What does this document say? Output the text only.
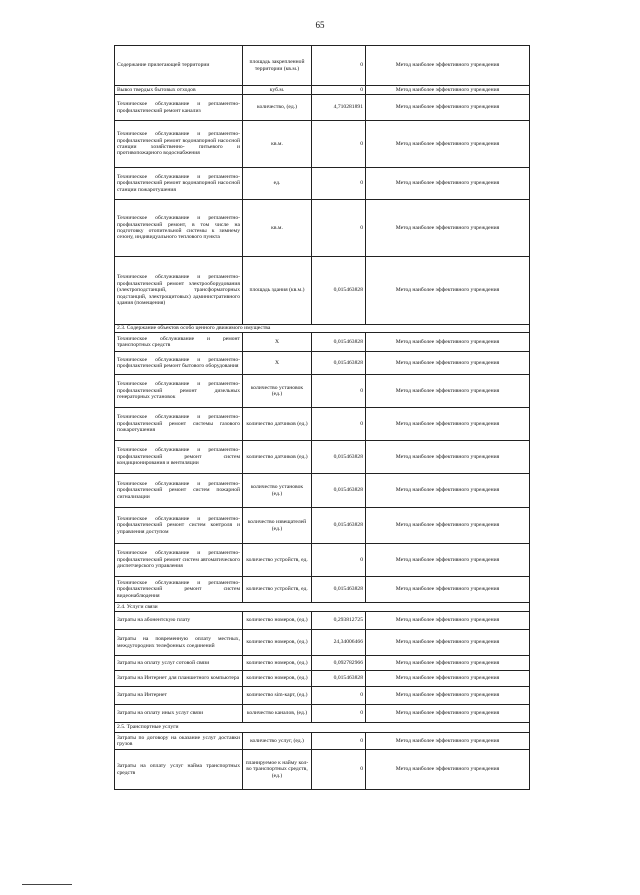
65
Содержание прилегающей территории	площадь закрепленной территории (кв.м.)	0	Метод наиболее эффективного учреждения
Вывоз твердых бытовых отходов	куб.м.	0	Метод наиболее эффективного учреждения
Техническое обслуживание и регламентно- профилактический ремонт канализ	количество, (ед.)	4,710281891	Метод наиболее эффективного учреждения
Техническое обслуживание и регламентно- профилактический ремонт водонапорной насосной станции хозяйственно- питьевого и противопожарного водоснабжения	кв.м.	0	Метод наиболее эффективного учреждения
Техническое обслуживание и регламентно- профилактический ремонт водонапорной насосной станции пожаротушения	ед.	0	Метод наиболее эффективного учреждения
Техническое обслуживание и регламентно- профилактический ремонт, в том числе на подготовку отопительной системы к зимнему сезону, индивидуального теплового пункта	кв.м.	0	Метод наиболее эффективного учреждения
Техническое обслуживание и регламентно- профилактический ремонт электрооборудования (электроподстанций, трансформаторных подстанций, электрощитовых) административного здания (помещения)	площадь здания (кв.м.)	0,015463828	Метод наиболее эффективного учреждения
2.3. Содержание объектов особо ценного движимого имущества			
Техническое обслуживание и ремонт транспортных средств	Х	0,015463828	Метод наиболее эффективного учреждения
Техническое обслуживание и регламентно- профилактический ремонт бытового оборудования	Х	0,015463828	Метод наиболее эффективного учреждения
Техническое обслуживание и регламентно- профилактический ремонт дизельных генераторных установок	количество установок (ед.)	0	Метод наиболее эффективного учреждения
Техническое обслуживание и регламентно- профилактический ремонт системы газового пожаротушения	количество датчиков (ед.)	0	Метод наиболее эффективного учреждения
Техническое обслуживание и регламентно- профилактический ремонт систем кондиционирования и вентиляции	количество датчиков (ед.)	0,015463828	Метод наиболее эффективного учреждения
Техническое обслуживание и регламентно- профилактический ремонт систем пожарной сигнализации	количество установок (ед.)	0,015463828	Метод наиболее эффективного учреждения
Техническое обслуживание и регламентно- профилактический ремонт систем контроля и управления доступом	количество извещателей (ед.)	0,015463828	Метод наиболее эффективного учреждения
Техническое обслуживание и регламентно- профилактический ремонт систем автоматического диспетчерского управления	количество устройств, ед.	0	Метод наиболее эффективного учреждения
Техническое обслуживание и регламентно- профилактический ремонт систем видеонаблюдения	количество устройств, ед.	0,015463828	Метод наиболее эффективного учреждения
2.4. Услуги связи			
Затраты на абонентскую плату	количество номеров, (ед.)	0,293812725	Метод наиболее эффективного учреждения
Затраты на повременную оплату местных, междугородних телефонных соединений	количество номеров, (ед.)	24,34006466	Метод наиболее эффективного учреждения
Затраты на оплату услуг сотовой связи	количество номеров, (ед.)	0,092782966	Метод наиболее эффективного учреждения
Затраты на Интернет для планшетного компьютера	количество номеров, (ед.)	0,015463828	Метод наиболее эффективного учреждения
Затраты на Интернет	количество sim-карт, (ед.)	0	Метод наиболее эффективного учреждения
Затраты на оплату иных услуг связи	количество каналов, (ед.)	0	Метод наиболее эффективного учреждения
2.5. Транспортные услуги			
Затраты по договору на оказание услуг доставки грузов	количество услуг, (ед.)	0	Метод наиболее эффективного учреждения
Затраты на оплату услуг найма транспортных средств	планируемое к найму кол- во транспортных средств, (ед.)	0	Метод наиболее эффективного учреждения
